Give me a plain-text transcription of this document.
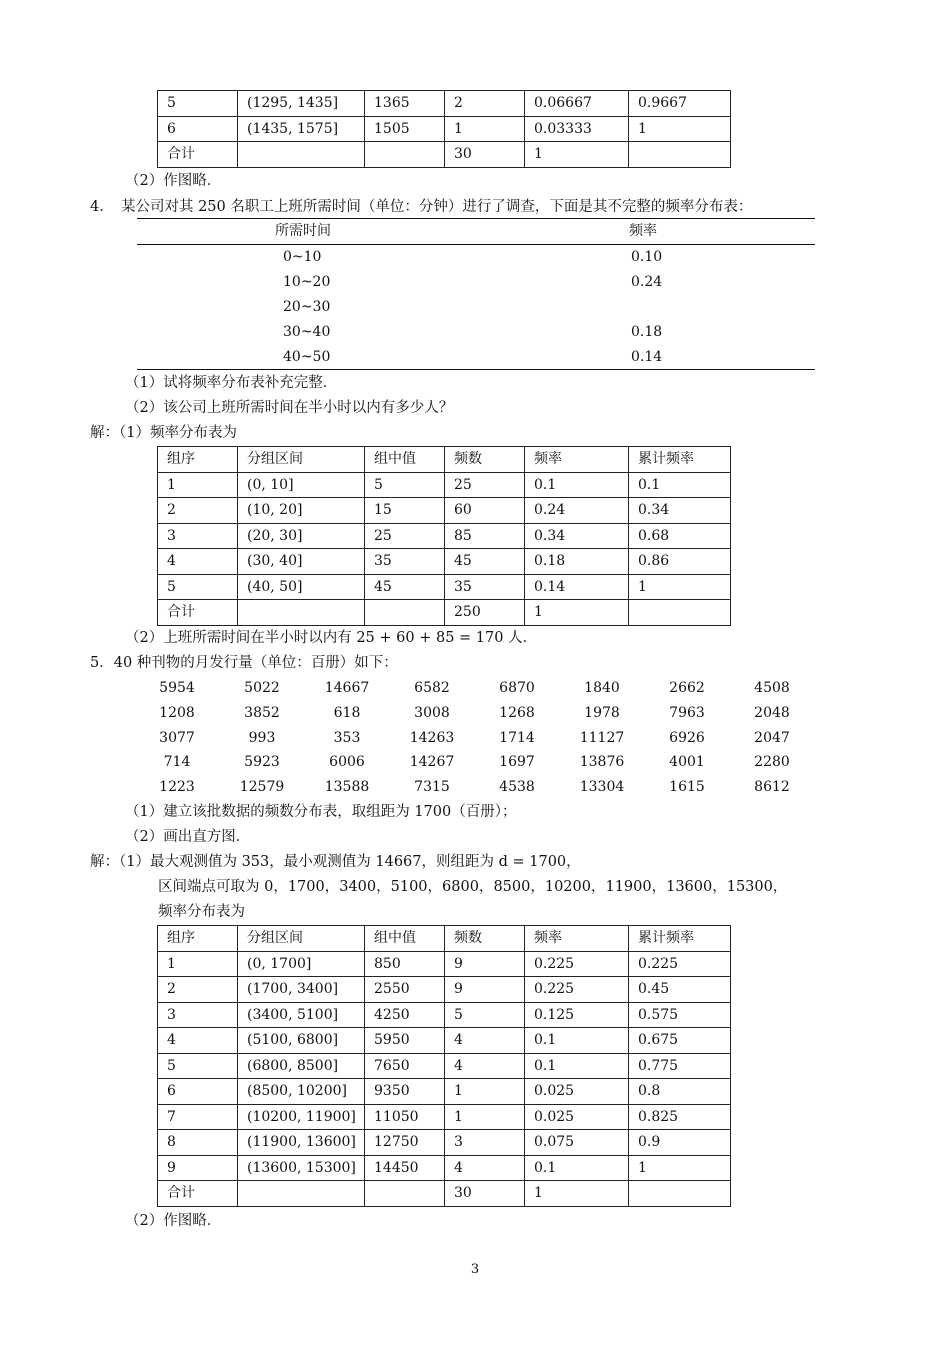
5	(1295, 1435]	1365	2	0.06667	0.9667
6	(1435, 1575]	1505	1	0.03333	1
合计			30	1	
（2）作图略．
4．　某公司对其 250 名职工上班所需时间（单位：分钟）进行了调查，下面是其不完整的频率分布表：
所需时间	频率
0~10	0.10
10~20	0.24
20~30
30~40	0.18
40~50	0.14
（1）试将频率分布表补充完整．
（2）该公司上班所需时间在半小时以内有多少人？
解：（1）频率分布表为
组序	分组区间	组中值	频数	频率	累计频率
1	(0, 10]	5	25	0.1	0.1
2	(10, 20]	15	60	0.24	0.34
3	(20, 30]	25	85	0.34	0.68
4	(30, 40]	35	45	0.18	0.86
5	(40, 50]	45	35	0.14	1
合计			250	1	
（2）上班所需时间在半小时以内有 25 + 60 + 85 = 170 人．
5．40 种刊物的月发行量（单位：百册）如下：
5954	5022	14667	6582	6870	1840	2662	4508
1208	3852	618	3008	1268	1978	7963	2048
3077	993	353	14263	1714	11127	6926	2047
714	5923	6006	14267	1697	13876	4001	2280
1223	12579	13588	7315	4538	13304	1615	8612
（1）建立该批数据的频数分布表，取组距为 1700（百册）；
（2）画出直方图．
解：（1）最大观测值为 353，最小观测值为 14667，则组距为 d = 1700，
区间端点可取为 0，1700，3400，5100，6800，8500，10200，11900，13600，15300，
频率分布表为
组序	分组区间	组中值	频数	频率	累计频率
1	(0, 1700]	850	9	0.225	0.225
2	(1700, 3400]	2550	9	0.225	0.45
3	(3400, 5100]	4250	5	0.125	0.575
4	(5100, 6800]	5950	4	0.1	0.675
5	(6800, 8500]	7650	4	0.1	0.775
6	(8500, 10200]	9350	1	0.025	0.8
7	(10200, 11900]	11050	1	0.025	0.825
8	(11900, 13600]	12750	3	0.075	0.9
9	(13600, 15300]	14450	4	0.1	1
合计			30	1	
（2）作图略．
3
